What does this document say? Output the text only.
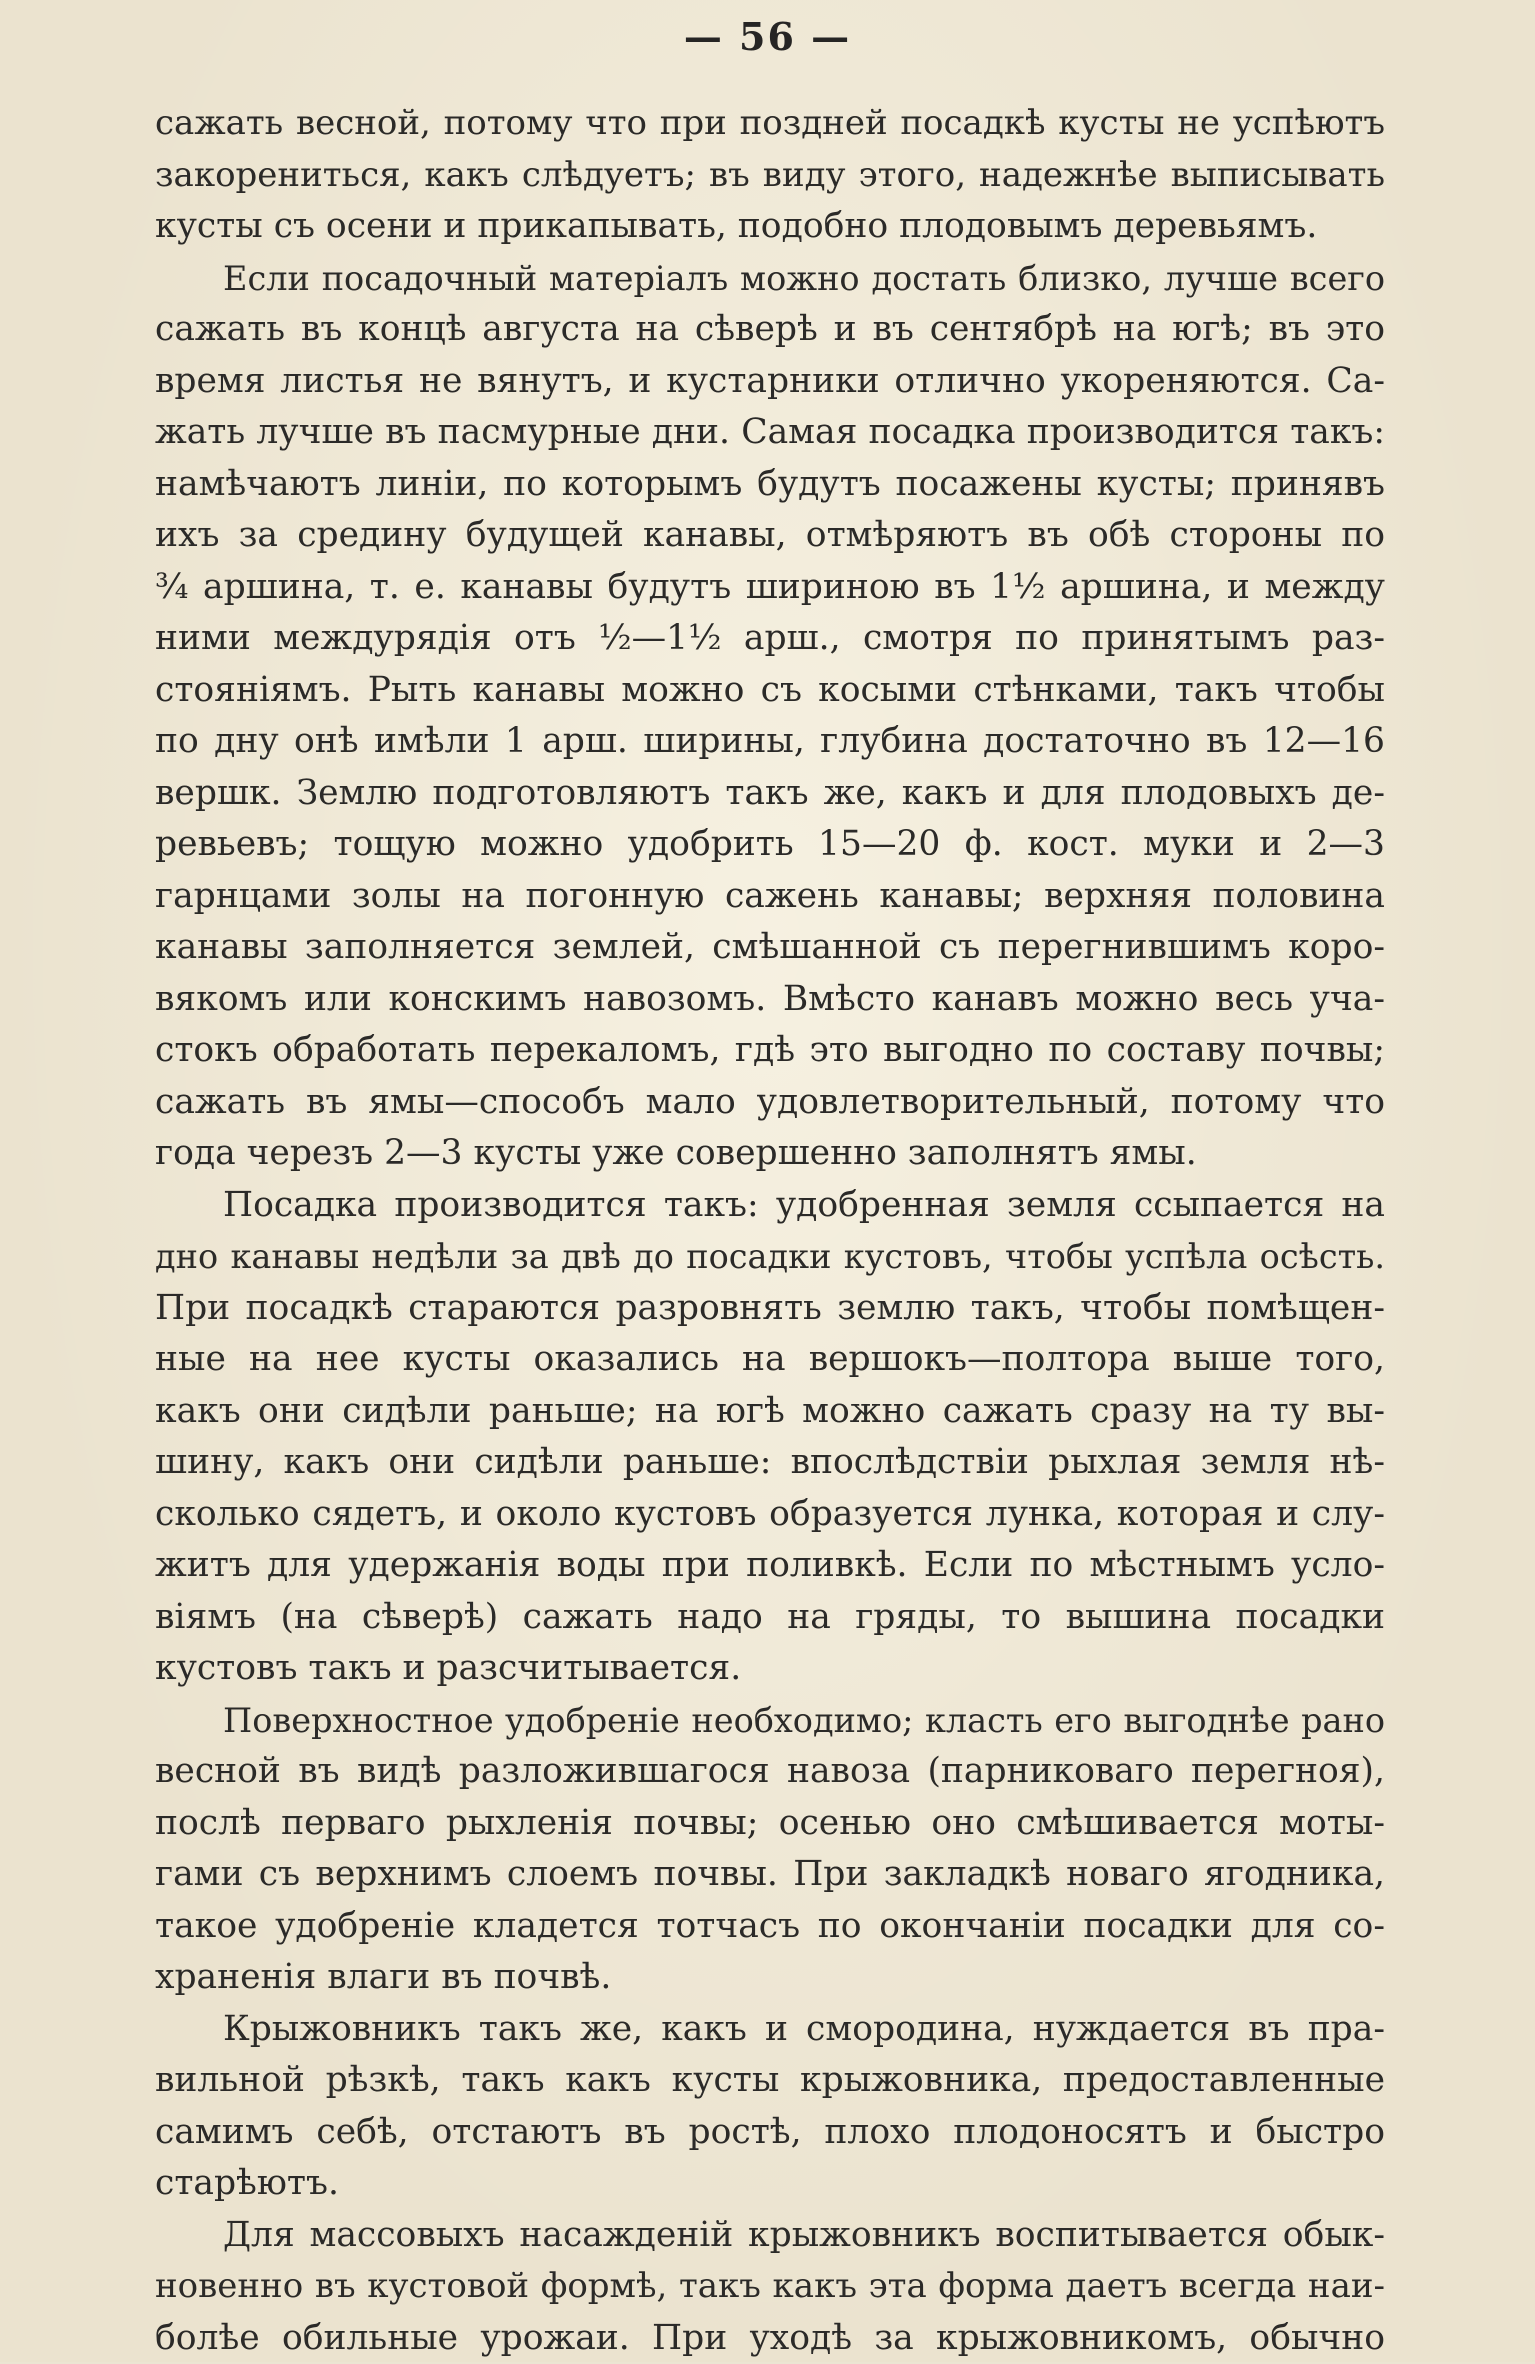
— 56 —
сажать весной, потому что при поздней посадкѣ кусты не успѣютъ
закорениться, какъ слѣдуетъ; въ виду этого, надежнѣе выписывать
кусты съ осени и прикапывать, подобно плодовымъ деревьямъ.
Если посадочный матеріалъ можно достать близко, лучше всего
сажать въ концѣ августа на сѣверѣ и въ сентябрѣ на югѣ; въ это
время листья не вянутъ, и кустарники отлично укореняются. Са-
жать лучше въ пасмурные дни. Самая посадка производится такъ:
намѣчаютъ линіи, по которымъ будутъ посажены кусты; принявъ
ихъ за средину будущей канавы, отмѣряютъ въ обѣ стороны по
¾ аршина, т. е. канавы будутъ шириною въ 1½ аршина, и между
ними междурядія отъ ½—1½ арш., смотря по принятымъ раз-
стояніямъ. Рыть канавы можно съ косыми стѣнками, такъ чтобы
по дну онѣ имѣли 1 арш. ширины, глубина достаточно въ 12—16
вершк. Землю подготовляютъ такъ же, какъ и для плодовыхъ де-
ревьевъ; тощую можно удобрить 15—20 ф. кост. муки и 2—3
гарнцами золы на погонную сажень канавы; верхняя половина
канавы заполняется землей, смѣшанной съ перегнившимъ коро-
вякомъ или конскимъ навозомъ. Вмѣсто канавъ можно весь уча-
стокъ обработать перекаломъ, гдѣ это выгодно по составу почвы;
сажать въ ямы—способъ мало удовлетворительный, потому что
года черезъ 2—3 кусты уже совершенно заполнятъ ямы.
Посадка производится такъ: удобренная земля ссыпается на
дно канавы недѣли за двѣ до посадки кустовъ, чтобы успѣла осѣсть.
При посадкѣ стараются разровнять землю такъ, чтобы помѣщен-
ные на нее кусты оказались на вершокъ—полтора выше того,
какъ они сидѣли раньше; на югѣ можно сажать сразу на ту вы-
шину, какъ они сидѣли раньше: впослѣдствіи рыхлая земля нѣ-
сколько сядетъ, и около кустовъ образуется лунка, которая и слу-
житъ для удержанія воды при поливкѣ. Если по мѣстнымъ усло-
віямъ (на сѣверѣ) сажать надо на гряды, то вышина посадки
кустовъ такъ и разсчитывается.
Поверхностное удобреніе необходимо; класть его выгоднѣе рано
весной въ видѣ разложившагося навоза (парниковаго перегноя),
послѣ перваго рыхленія почвы; осенью оно смѣшивается моты-
гами съ верхнимъ слоемъ почвы. При закладкѣ новаго ягодника,
такое удобреніе кладется тотчасъ по окончаніи посадки для со-
храненія влаги въ почвѣ.
Крыжовникъ такъ же, какъ и смородина, нуждается въ пра-
вильной рѣзкѣ, такъ какъ кусты крыжовника, предоставленные
самимъ себѣ, отстаютъ въ ростѣ, плохо плодоносятъ и быстро
старѣютъ.
Для массовыхъ насажденій крыжовникъ воспитывается обык-
новенно въ кустовой формѣ, такъ какъ эта форма даетъ всегда наи-
болѣе обильные урожаи. При уходѣ за крыжовникомъ, обычно
